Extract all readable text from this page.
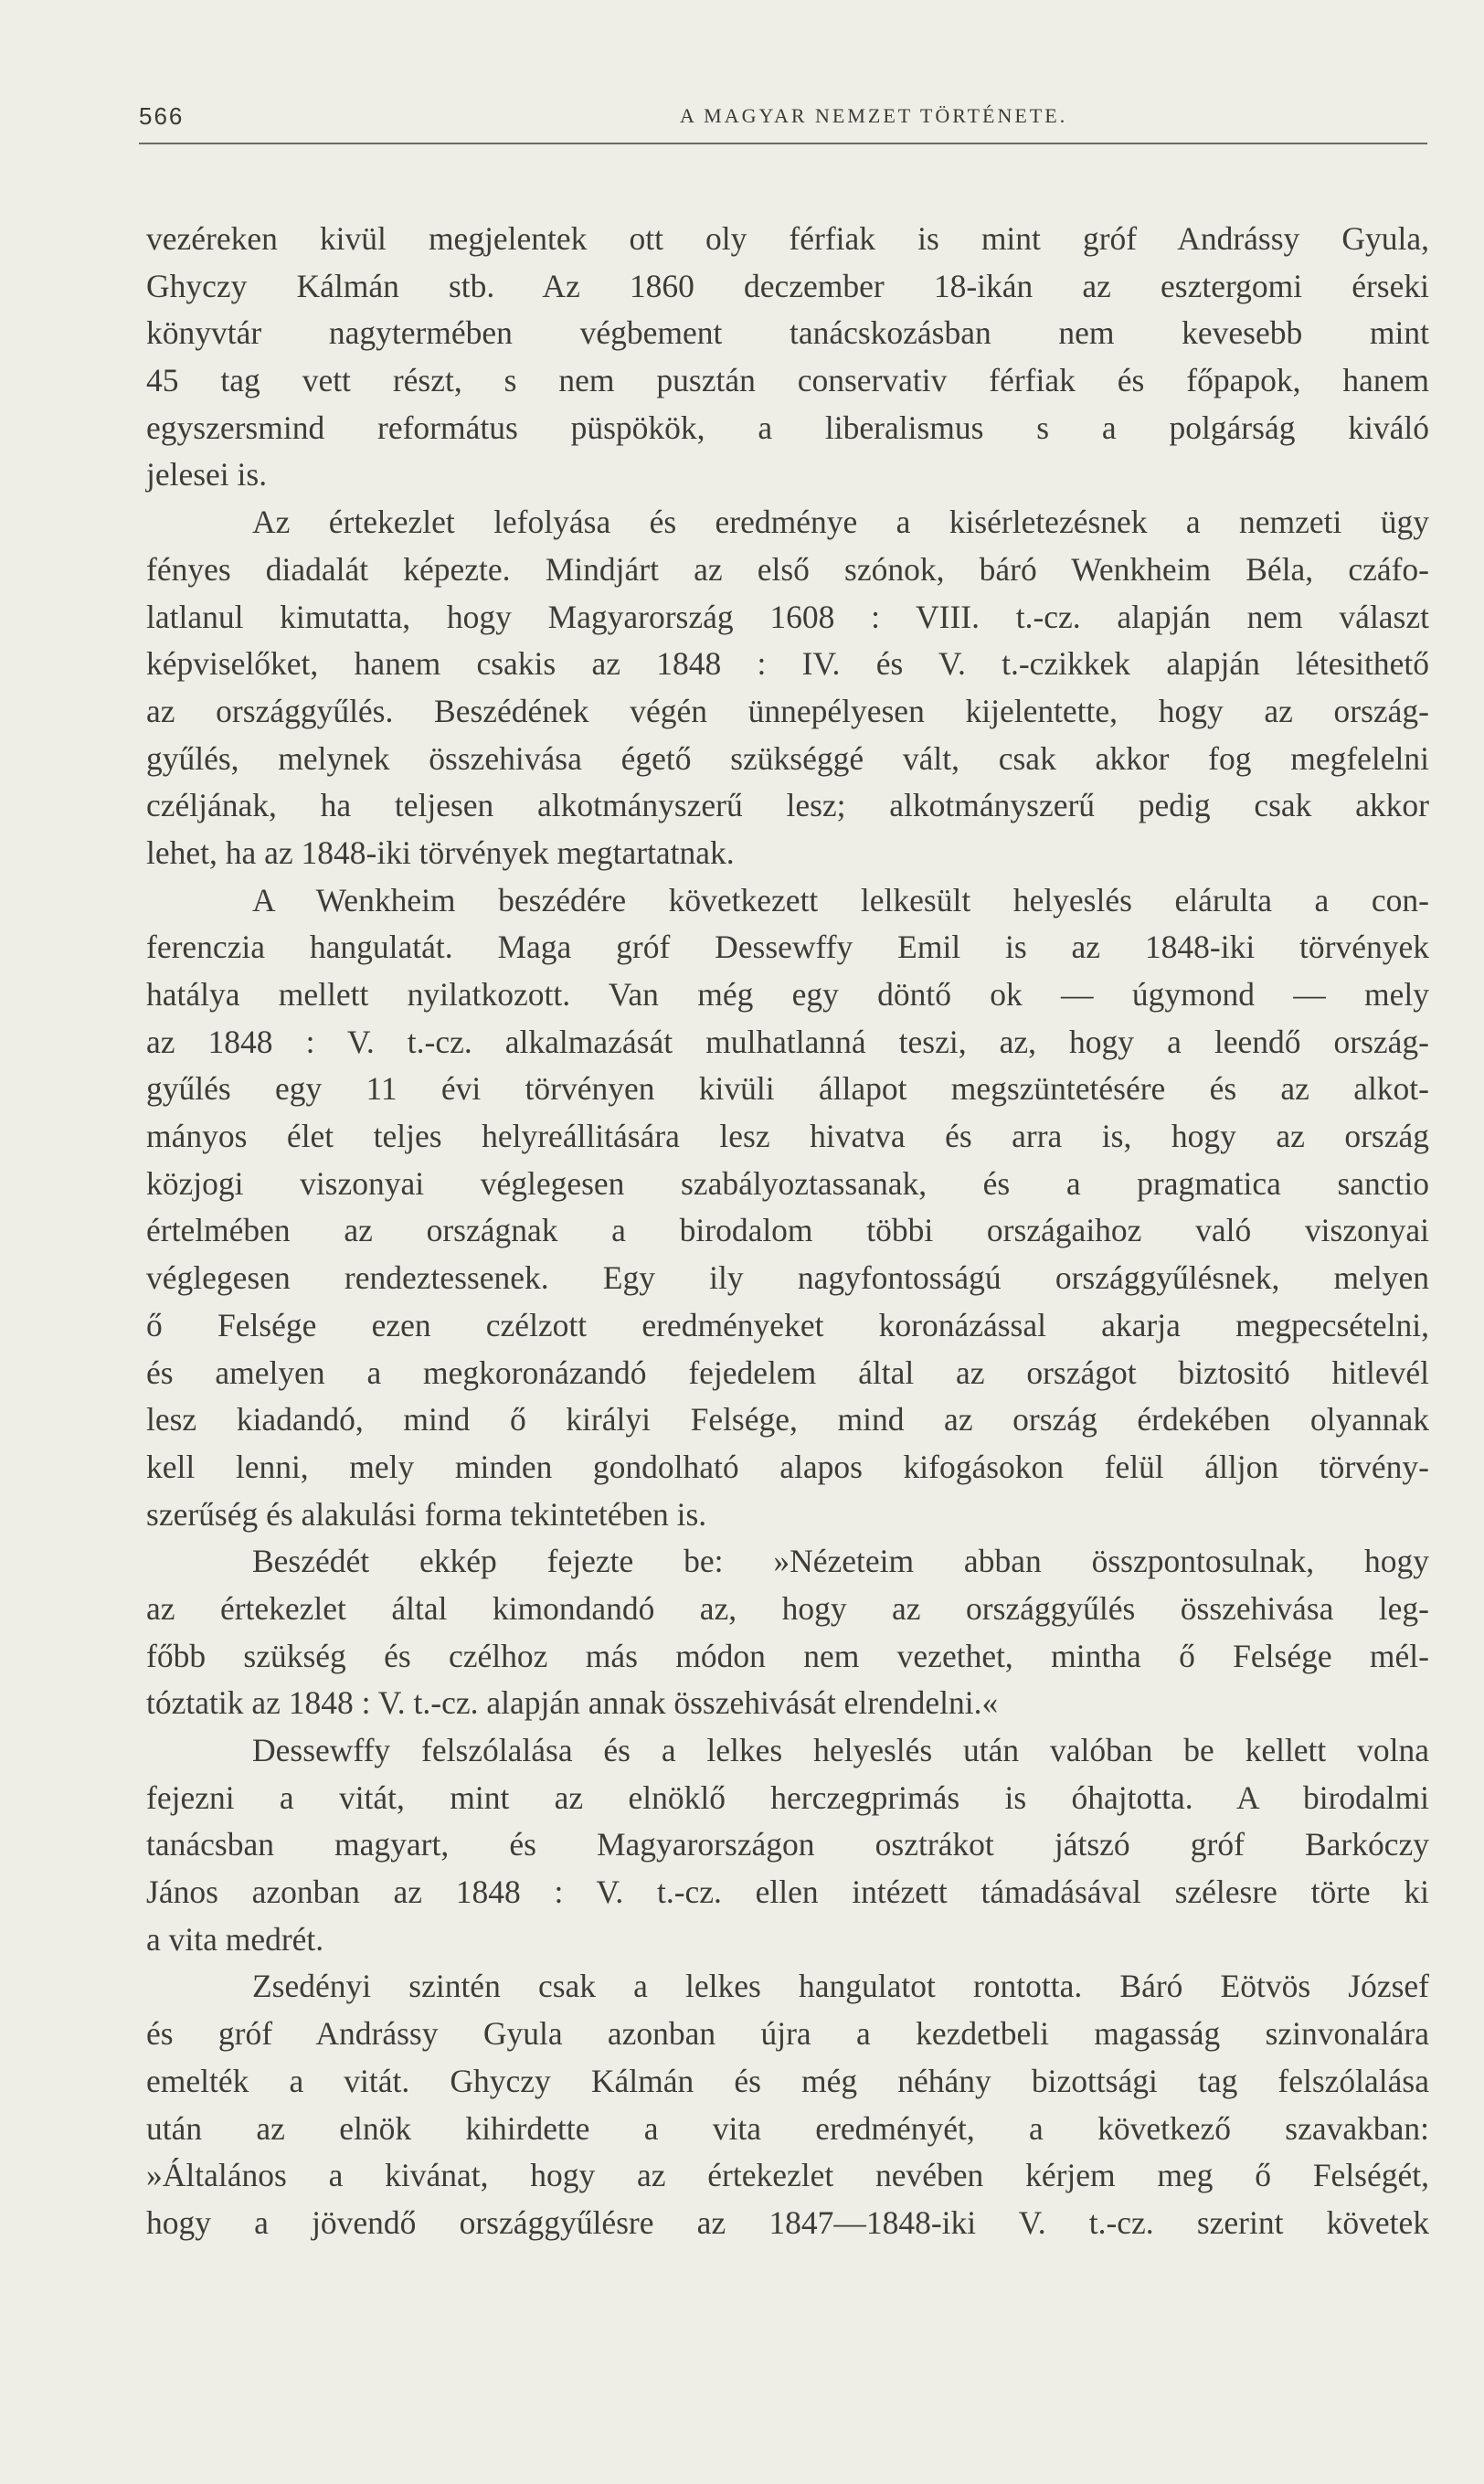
566	A MAGYAR NEMZET TÖRTÉNETE.
vezéreken kivül megjelentek ott oly férfiak is mint gróf Andrássy Gyula,
Ghyczy Kálmán stb. Az 1860 deczember 18-ikán az esztergomi érseki
könyvtár nagytermében végbement tanácskozásban nem kevesebb mint
45 tag vett részt, s nem pusztán conservativ férfiak és főpapok, hanem
egyszersmind református püspökök, a liberalismus s a polgárság kiváló
jelesei is.
Az értekezlet lefolyása és eredménye a kisérletezésnek a nemzeti ügy
fényes diadalát képezte. Mindjárt az első szónok, báró Wenkheim Béla, czáfo-
latlanul kimutatta, hogy Magyarország 1608 : VIII. t.-cz. alapján nem választ
képviselőket, hanem csakis az 1848 : IV. és V. t.-czikkek alapján létesithető
az országgyűlés. Beszédének végén ünnepélyesen kijelentette, hogy az ország-
gyűlés, melynek összehivása égető szükséggé vált, csak akkor fog megfelelni
czéljának, ha teljesen alkotmányszerű lesz; alkotmányszerű pedig csak akkor
lehet, ha az 1848-iki törvények megtartatnak.
A Wenkheim beszédére következett lelkesült helyeslés elárulta a con-
ferenczia hangulatát. Maga gróf Dessewffy Emil is az 1848-iki törvények
hatálya mellett nyilatkozott. Van még egy döntő ok — úgymond — mely
az 1848 : V. t.-cz. alkalmazását mulhatlanná teszi, az, hogy a leendő ország-
gyűlés egy 11 évi törvényen kivüli állapot megszüntetésére és az alkot-
mányos élet teljes helyreállitására lesz hivatva és arra is, hogy az ország
közjogi viszonyai véglegesen szabályoztassanak, és a pragmatica sanctio
értelmében az országnak a birodalom többi országaihoz való viszonyai
véglegesen rendeztessenek. Egy ily nagyfontosságú országgyűlésnek, melyen
ő Felsége ezen czélzott eredményeket koronázással akarja megpecsételni,
és amelyen a megkoronázandó fejedelem által az országot biztositó hitlevél
lesz kiadandó, mind ő királyi Felsége, mind az ország érdekében olyannak
kell lenni, mely minden gondolható alapos kifogásokon felül álljon törvény-
szerűség és alakulási forma tekintetében is.
Beszédét ekkép fejezte be: »Nézeteim abban összpontosulnak, hogy
az értekezlet által kimondandó az, hogy az országgyűlés összehivása leg-
főbb szükség és czélhoz más módon nem vezethet, mintha ő Felsége mél-
tóztatik az 1848 : V. t.-cz. alapján annak összehivását elrendelni.«
Dessewffy felszólalása és a lelkes helyeslés után valóban be kellett volna
fejezni a vitát, mint az elnöklő herczegprimás is óhajtotta. A birodalmi
tanácsban magyart, és Magyarországon osztrákot játszó gróf Barkóczy
János azonban az 1848 : V. t.-cz. ellen intézett támadásával szélesre törte ki
a vita medrét.
Zsedényi szintén csak a lelkes hangulatot rontotta. Báró Eötvös József
és gróf Andrássy Gyula azonban újra a kezdetbeli magasság szinvonalára
emelték a vitát. Ghyczy Kálmán és még néhány bizottsági tag felszólalása
után az elnök kihirdette a vita eredményét, a következő szavakban:
»Általános a kivánat, hogy az értekezlet nevében kérjem meg ő Felségét,
hogy a jövendő országgyűlésre az 1847—1848-iki V. t.-cz. szerint követek
